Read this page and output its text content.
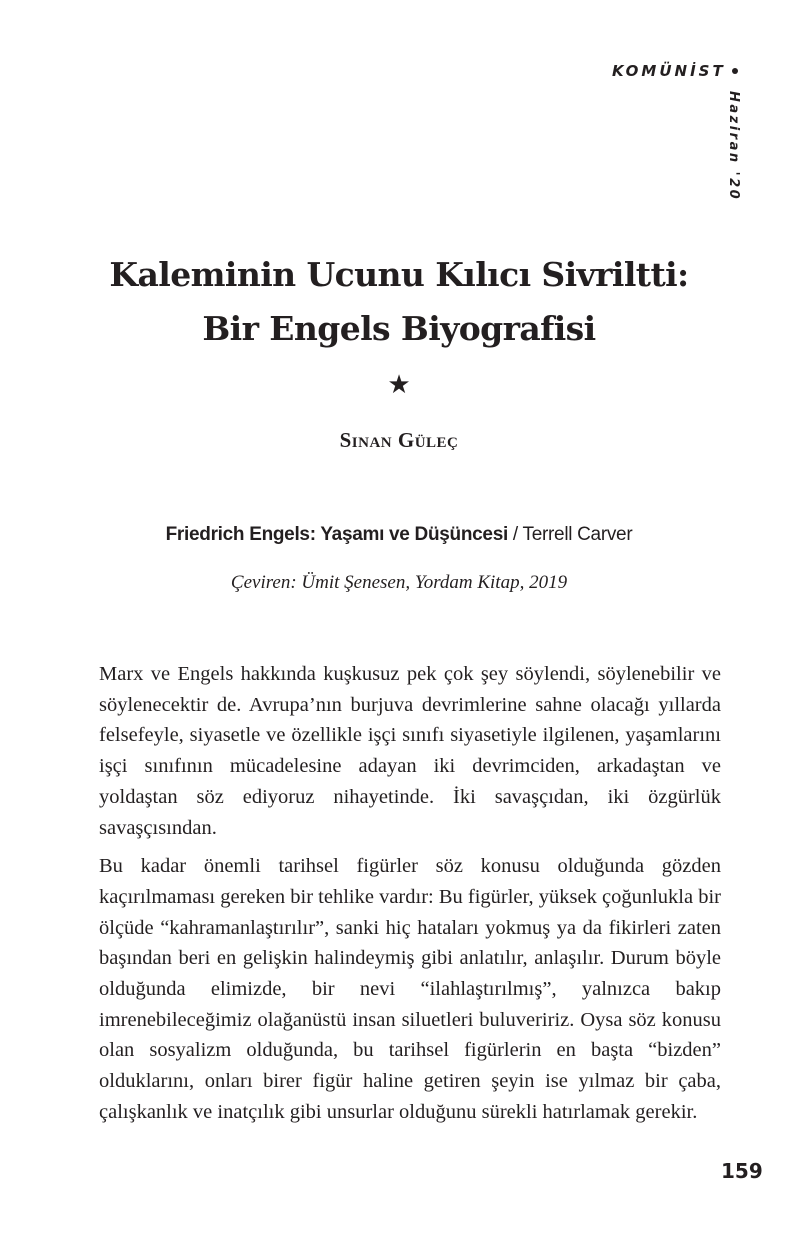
KOMÜNİST
Haziran '20
Kaleminin Ucunu Kılıcı Sivriltti:
Bir Engels Biyografisi
★
Sinan Güleç
Friedrich Engels: Yaşamı ve Düşüncesi / Terrell Carver
Çeviren: Ümit Şenesen, Yordam Kitap, 2019

Marx ve Engels hakkında kuşkusuz pek çok şey söylendi, söylenebilir ve söylenecektir de. Avrupa’nın burjuva devrimlerine sahne olacağı yıllarda felsefeyle, siyasetle ve özellikle işçi sınıfı siyasetiyle ilgilenen, yaşamlarını işçi sınıfının mücadelesine adayan iki devrimciden, arkadaştan ve yoldaştan söz ediyoruz nihayetinde. İki savaşçıdan, iki özgürlük savaşçısından.

Bu kadar önemli tarihsel figürler söz konusu olduğunda gözden kaçırılmaması gereken bir tehlike vardır: Bu figürler, yüksek çoğunlukla bir ölçüde “kahramanlaştırılır”, sanki hiç hataları yokmuş ya da fikirleri zaten başından beri en gelişkin halindeymiş gibi anlatılır, anlaşılır. Durum böyle olduğunda elimizde, bir nevi “ilahlaştırılmış”, yalnızca bakıp imrenebileceğimiz olağanüstü insan siluetleri buluveririz. Oysa söz konusu olan sosyalizm olduğunda, bu tarihsel figürlerin en başta “bizden” olduklarını, onları birer figür haline getiren şeyin ise yılmaz bir çaba, çalışkanlık ve inatçılık gibi unsurlar olduğunu sürekli hatırlamak gerekir.

159
